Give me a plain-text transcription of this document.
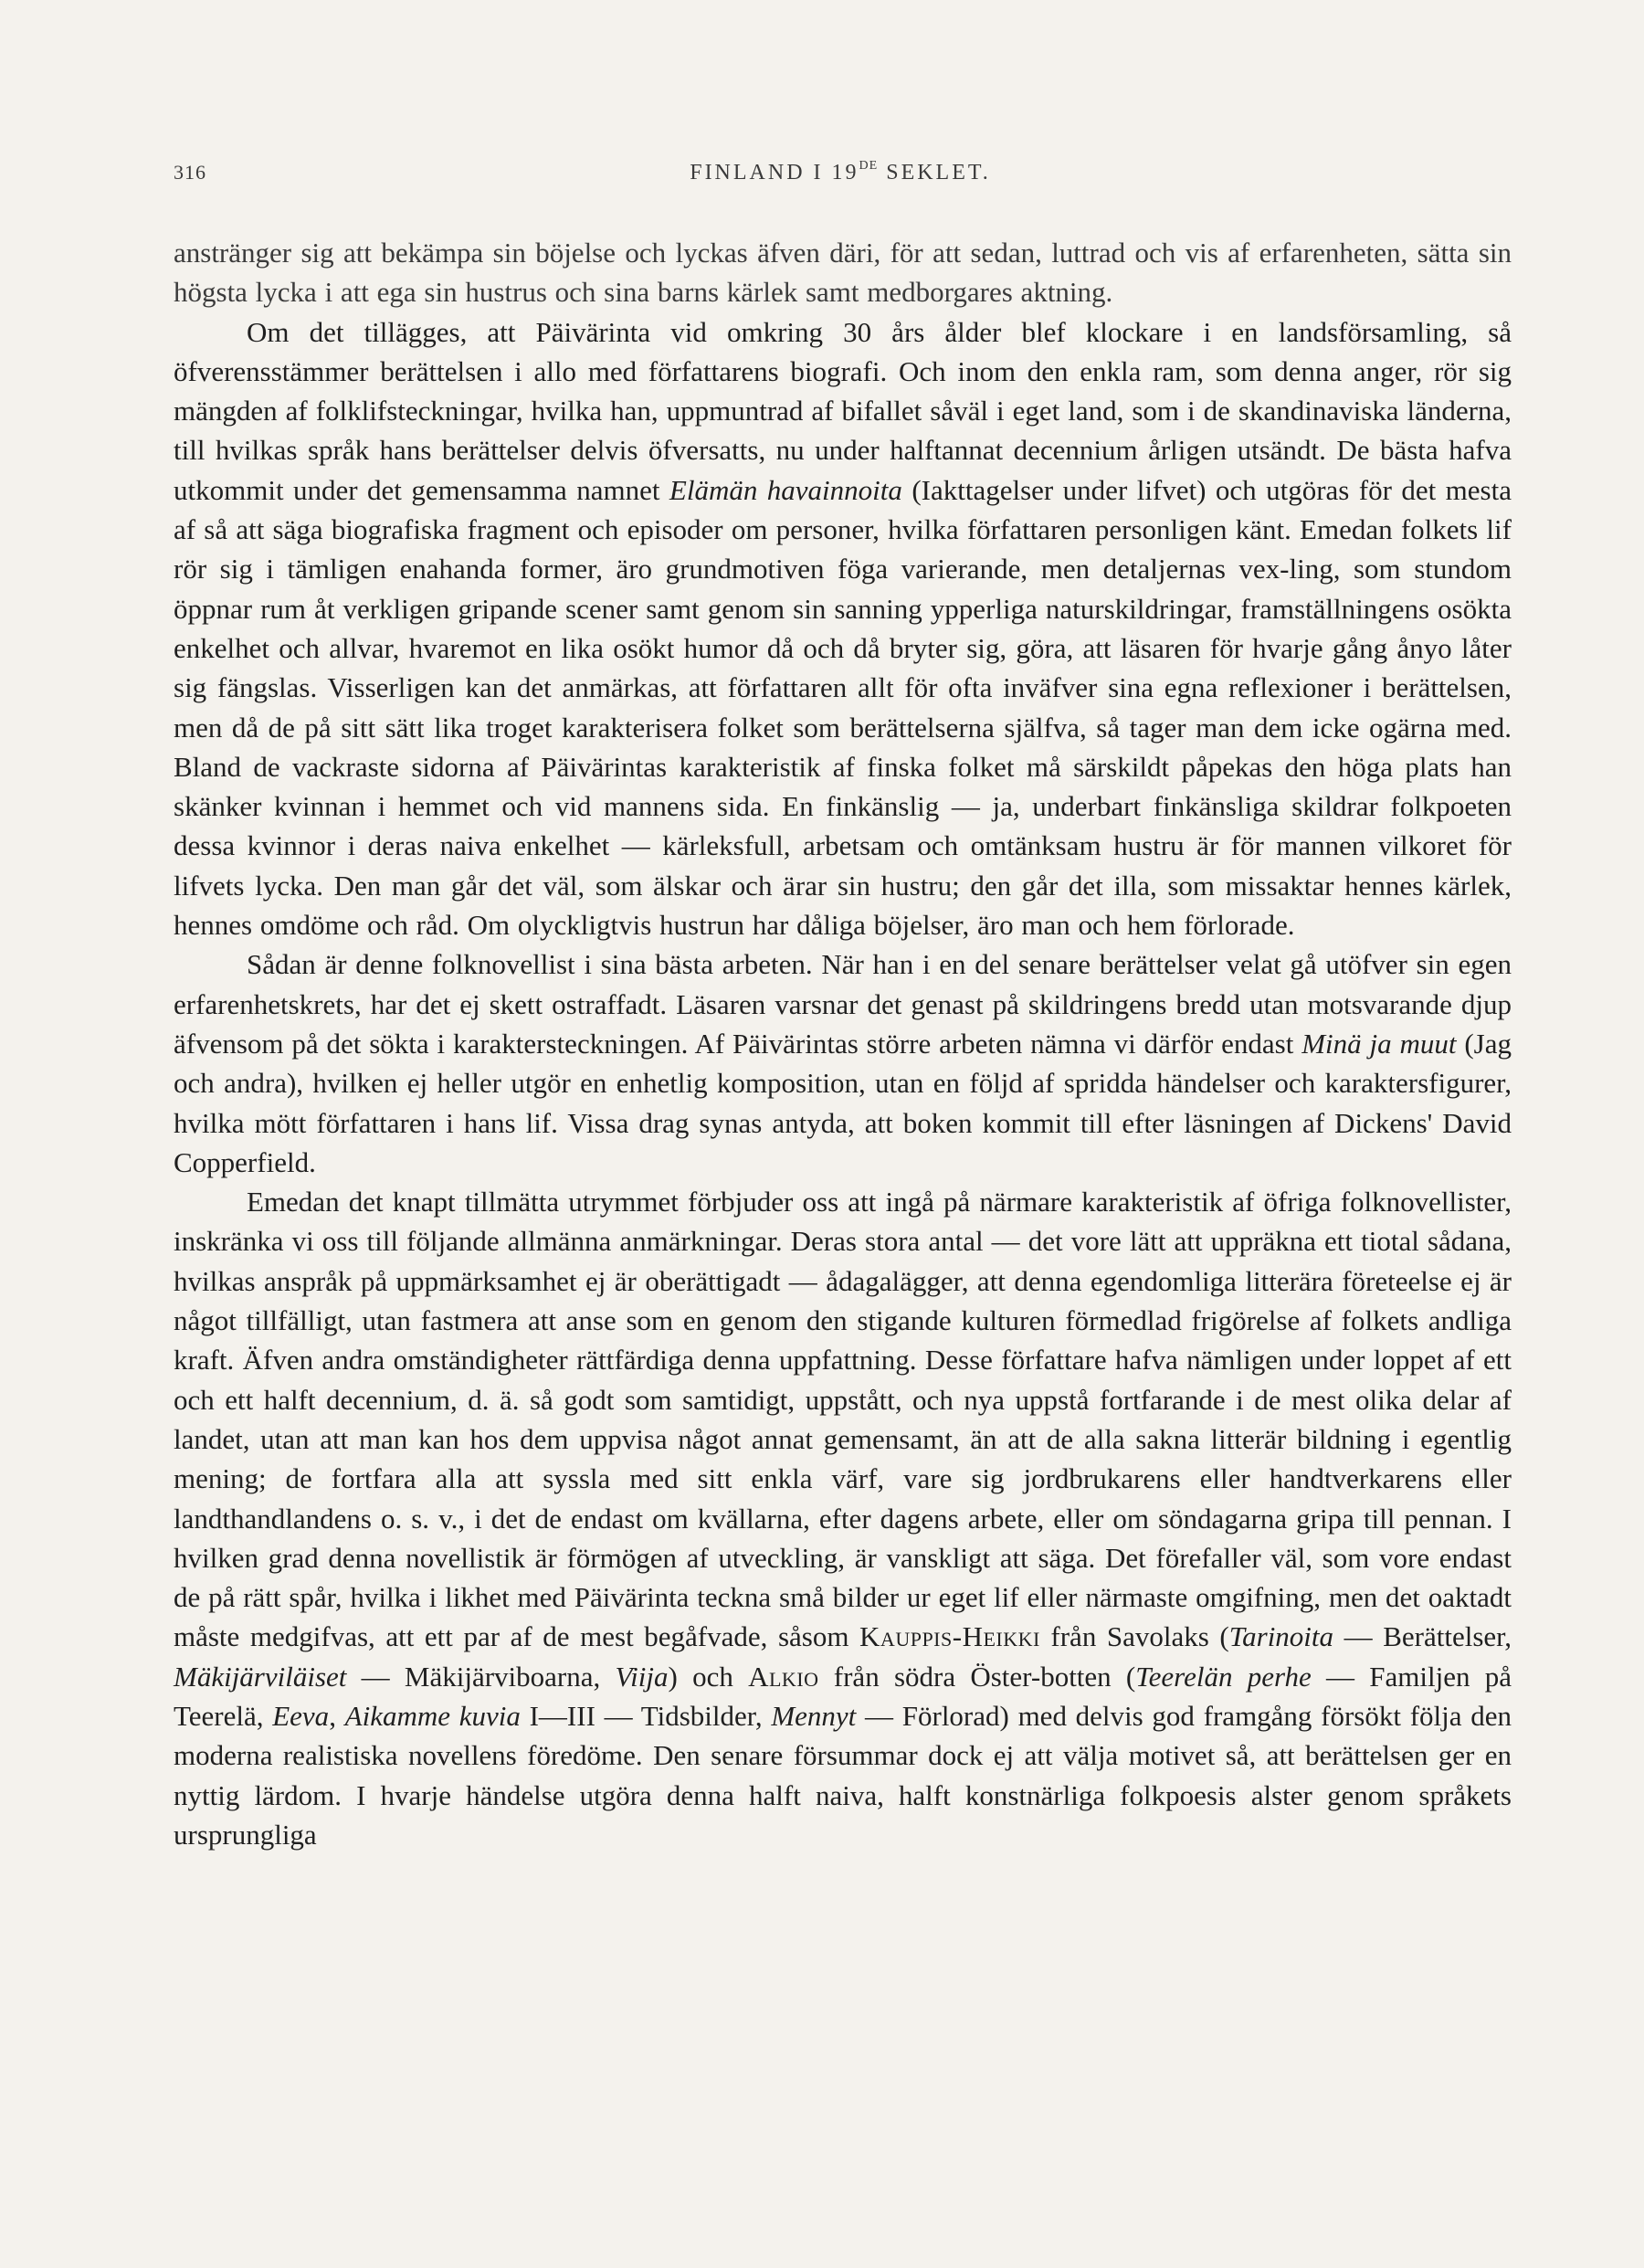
316	FINLAND I 19DE SEKLET.

anstränger sig att bekämpa sin böjelse och lyckas äfven däri, för att sedan, luttrad och vis af erfarenheten, sätta sin högsta lycka i att ega sin hustrus och sina barns kärlek samt medborgares aktning.

Om det tillägges, att Päivärinta vid omkring 30 års ålder blef klockare i en landsförsamling, så öfverensstämmer berättelsen i allo med författarens biografi. Och inom den enkla ram, som denna anger, rör sig mängden af folklifsteckningar, hvilka han, uppmuntrad af bifallet såväl i eget land, som i de skandinaviska länderna, till hvilkas språk hans berättelser delvis öfversatts, nu under halftannat decennium årligen utsändt. De bästa hafva utkommit under det gemensamma namnet Elämän havainnoita (Iakttagelser under lifvet) och utgöras för det mesta af så att säga biografiska fragment och episoder om personer, hvilka författaren personligen känt. Emedan folkets lif rör sig i tämligen enahanda former, äro grundmotiven föga varierande, men detaljernas vex-ling, som stundom öppnar rum åt verkligen gripande scener samt genom sin sanning ypperliga naturskildringar, framställningens osökta enkelhet och allvar, hvaremot en lika osökt humor då och då bryter sig, göra, att läsaren för hvarje gång ånyo låter sig fängslas. Visserligen kan det anmärkas, att författaren allt för ofta inväfver sina egna reflexioner i berättelsen, men då de på sitt sätt lika troget karakterisera folket som berättelserna själfva, så tager man dem icke ogärna med. Bland de vackraste sidorna af Päivärintas karakteristik af finska folket må särskildt påpekas den höga plats han skänker kvinnan i hemmet och vid mannens sida. En finkänslig — ja, underbart finkänsliga skildrar folkpoeten dessa kvinnor i deras naiva enkelhet — kärleksfull, arbetsam och omtänksam hustru är för mannen vilkoret för lifvets lycka. Den man går det väl, som älskar och ärar sin hustru; den går det illa, som missaktar hennes kärlek, hennes omdöme och råd. Om olyckligtvis hustrun har dåliga böjelser, äro man och hem förlorade.

Sådan är denne folknovellist i sina bästa arbeten. När han i en del senare berättelser velat gå utöfver sin egen erfarenhetskrets, har det ej skett ostraffadt. Läsaren varsnar det genast på skildringens bredd utan motsvarande djup äfvensom på det sökta i karaktersteckningen. Af Päivärintas större arbeten nämna vi därför endast Minä ja muut (Jag och andra), hvilken ej heller utgör en enhetlig komposition, utan en följd af spridda händelser och karaktersfigurer, hvilka mött författaren i hans lif. Vissa drag synas antyda, att boken kommit till efter läsningen af Dickens' David Copperfield.

Emedan det knapt tillmätta utrymmet förbjuder oss att ingå på närmare karakteristik af öfriga folknovellister, inskränka vi oss till följande allmänna anmärkningar. Deras stora antal — det vore lätt att uppräkna ett tiotal sådana, hvilkas anspråk på uppmärksamhet ej är oberättigadt — ådagalägger, att denna egendomliga litterära företeelse ej är något tillfälligt, utan fastmera att anse som en genom den stigande kulturen förmedlad frigörelse af folkets andliga kraft. Äfven andra omständigheter rättfärdiga denna uppfattning. Desse författare hafva nämligen under loppet af ett och ett halft decennium, d. ä. så godt som samtidigt, uppstått, och nya uppstå fortfarande i de mest olika delar af landet, utan att man kan hos dem uppvisa något annat gemensamt, än att de alla sakna litterär bildning i egentlig mening; de fortfara alla att syssla med sitt enkla värf, vare sig jordbrukarens eller handtverkarens eller landthandlandens o. s. v., i det de endast om kvällarna, efter dagens arbete, eller om söndagarna gripa till pennan. I hvilken grad denna novellistik är förmögen af utveckling, är vanskligt att säga. Det förefaller väl, som vore endast de på rätt spår, hvilka i likhet med Päivärinta teckna små bilder ur eget lif eller närmaste omgifning, men det oaktadt måste medgifvas, att ett par af de mest begåfvade, såsom Kauppis-Heikki från Savolaks (Tarinoita — Berättelser, Mäkijärviläiset — Mäkijärviboarna, Viija) och Alkio från södra Öster-botten (Teerelän perhe — Familjen på Teerelä, Eeva, Aikamme kuvia I—III — Tidsbilder, Mennyt — Förlorad) med delvis god framgång försökt följa den moderna realistiska novellens föredöme. Den senare försummar dock ej att välja motivet så, att berättelsen ger en nyttig lärdom. I hvarje händelse utgöra denna halft naiva, halft konstnärliga folkpoesis alster genom språkets ursprungliga
